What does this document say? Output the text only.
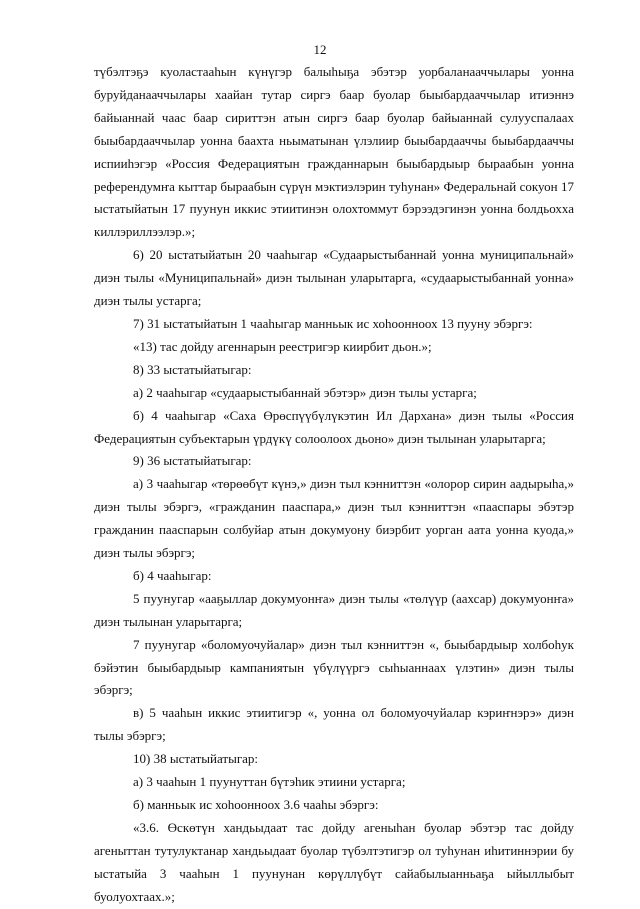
12

түбэлтэҕэ куоластааһын күнүгэр балыһыҕа эбэтэр уорбаланааччылары уонна буруйданааччылары хаайан тутар сиргэ баар буолар быыбардааччылар итиэннэ байыаннай чаас баар сириттэн атын сиргэ баар буолар байыаннай сулууспалаах быыбардааччылар уонна баахта ньыматынан үлэлиир быыбардааччы быыбардааччы испииһэгэр «Россия Федерациятын гражданнарын быыбардыыр быраабын уонна референдумҥа кыттар быраабын сүрүн мэктиэлэрин туһунан» Федеральнай сокуон 17 ыстатыйатын 17 пуунун иккис этиитинэн олохтоммут бэрээдэгинэн уонна болдьохха киллэриллээлэр.»;

6) 20 ыстатыйатын 20 чааһыгар «Судаарыстыбаннай уонна муниципальнай» диэн тылы «Муниципальнай» диэн тылынан уларытарга, «судаарыстыбаннай уонна» диэн тылы устарга;

7) 31 ыстатыйатын 1 чааһыгар манньык ис хоһоонноох 13 пууну эбэргэ:

«13) тас дойду агеннарын реестригэр киирбит дьон.»;

8) 33 ыстатыйатыгар:

а) 2 чааһыгар «судаарыстыбаннай эбэтэр» диэн тылы устарга;

б) 4 чааһыгар «Саха Өрөспүүбүлүкэтин Ил Дархана» диэн тылы «Россия Федерациятын субъектарын үрдүкү солоолоох дьоно» диэн тылынан уларытарга;

9) 36 ыстатыйатыгар:

а) 3 чааһыгар «төрөөбүт күнэ,» диэн тыл кэнниттэн «олорор сирин аадырыһа,» диэн тылы эбэргэ, «гражданин пааспара,» диэн тыл кэнниттэн «пааспары эбэтэр гражданин пааспарын солбуйар атын докумуону биэрбит уорган аата уонна куода,» диэн тылы эбэргэ;

б) 4 чааһыгар:

5 пуунугар «ааҕыллар докумуонҥа» диэн тылы «төлүүр (аахсар) докумуонҥа» диэн тылынан уларытарга;

7 пуунугар «боломуочуйалар» диэн тыл кэнниттэн «, быыбардыыр холбоһук бэйэтин быыбардыыр кампаниятын үбүлүүргэ сыһыаннаах үлэтин» диэн тылы эбэргэ;

в) 5 чааһын иккис этиитигэр «, уонна ол боломуочуйалар кэриҥнэрэ» диэн тылы эбэргэ;

10) 38 ыстатыйатыгар:

а) 3 чааһын 1 пуунуттан бүтэһик этиини устарга;

б) манньык ис хоһоонноох 3.6 чааһы эбэргэ:

«3.6. Өскөтүн хандьыдаат тас дойду агеныһан буолар эбэтэр тас дойду агеныттан тутулуктанар хандьыдаат буолар түбэлтэтигэр ол туһунан иһитиннэрии бу ыстатыйа 3 чааһын 1 пуунунан көрүллүбүт сайабылыанньаҕа ыйыллыбыт буолуохтаах.»;
